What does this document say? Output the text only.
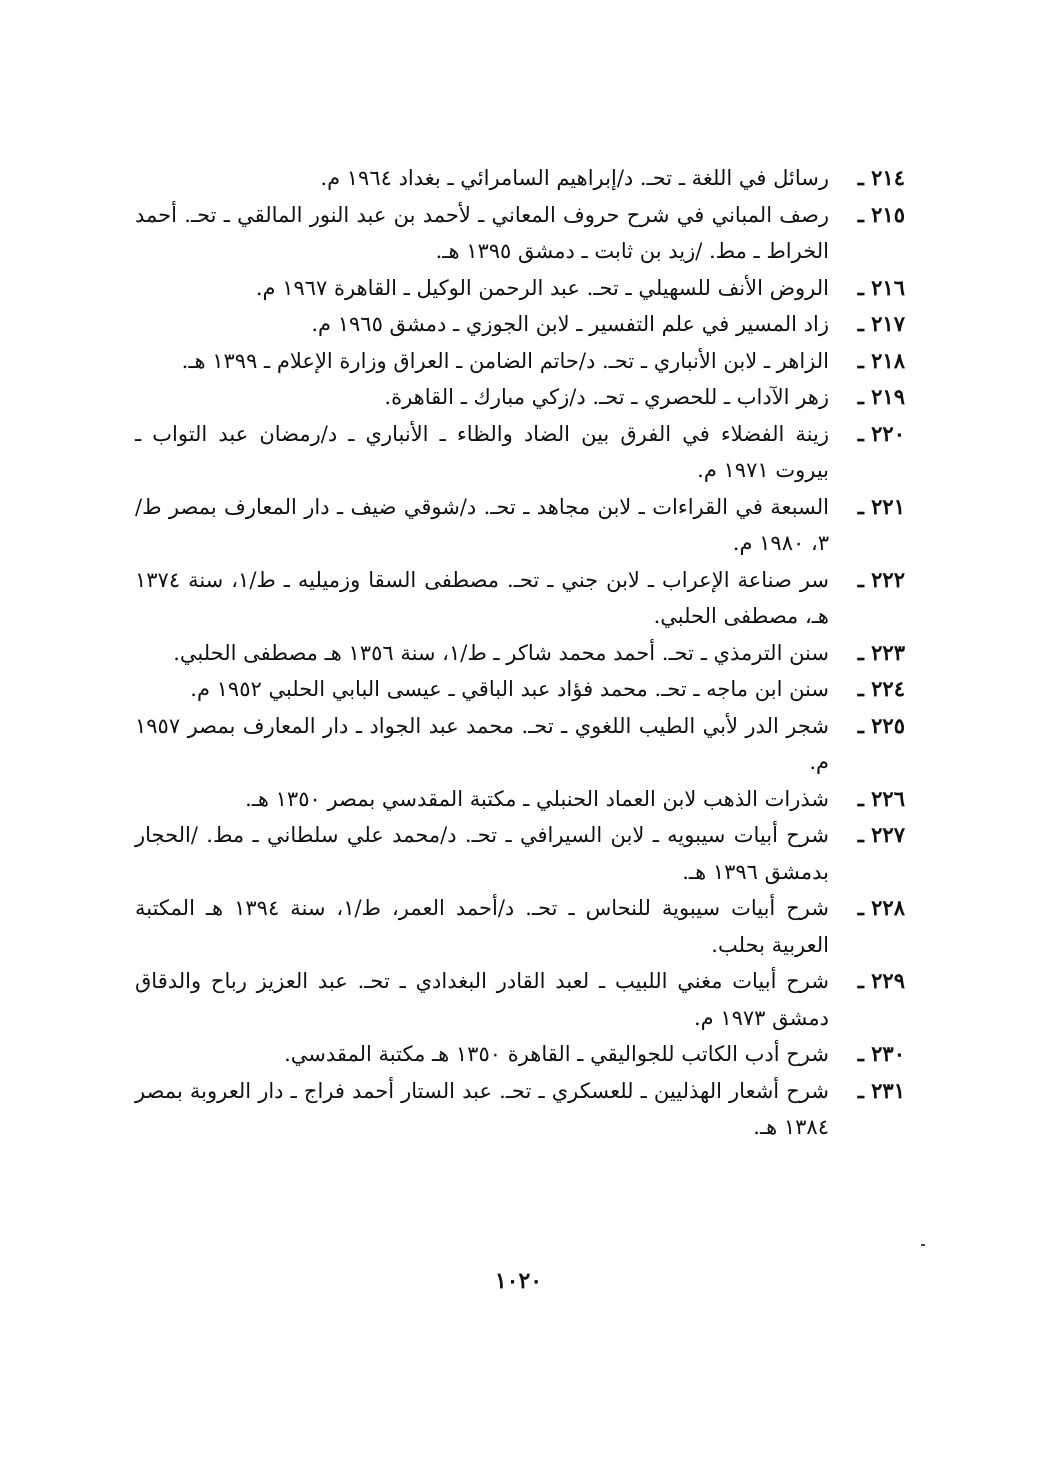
٢١٤ ـ
رسائل في اللغة ـ تحـ. د/إبراهيم السامرائي ـ بغداد ١٩٦٤ م.
٢١٥ ـ
رصف المباني في شرح حروف المعاني ـ لأحمد بن عبد النور المالقي ـ تحـ. أحمد الخراط ـ مط. /زيد بن ثابت ـ دمشق ١٣٩٥ هـ.
٢١٦ ـ
الروض الأنف للسهيلي ـ تحـ. عبد الرحمن الوكيل ـ القاهرة ١٩٦٧ م.
٢١٧ ـ
زاد المسير في علم التفسير ـ لابن الجوزي ـ دمشق ١٩٦٥ م.
٢١٨ ـ
الزاهر ـ لابن الأنباري ـ تحـ. د/حاتم الضامن ـ العراق وزارة الإعلام ـ ١٣٩٩ هـ.
٢١٩ ـ
زهر الآداب ـ للحصري ـ تحـ. د/زكي مبارك ـ القاهرة.
٢٢٠ ـ
زينة الفضلاء في الفرق بين الضاد والظاء ـ الأنباري ـ د/رمضان عبد التواب ـ بيروت ١٩٧١ م.
٢٢١ ـ
السبعة في القراءات ـ لابن مجاهد ـ تحـ. د/شوقي ضيف ـ دار المعارف بمصر ط/٣، ١٩٨٠ م.
٢٢٢ ـ
سر صناعة الإعراب ـ لابن جني ـ تحـ. مصطفى السقا وزميليه ـ ط/١، سنة ١٣٧٤ هـ، مصطفى الحلبي.
٢٢٣ ـ
سنن الترمذي ـ تحـ. أحمد محمد شاكر ـ ط/١، سنة ١٣٥٦ هـ مصطفى الحلبي.
٢٢٤ ـ
سنن ابن ماجه ـ تحـ. محمد فؤاد عبد الباقي ـ عيسى البابي الحلبي ١٩٥٢ م.
٢٢٥ ـ
شجر الدر لأبي الطيب اللغوي ـ تحـ. محمد عبد الجواد ـ دار المعارف بمصر ١٩٥٧ م.
٢٢٦ ـ
شذرات الذهب لابن العماد الحنبلي ـ مكتبة المقدسي بمصر ١٣٥٠ هـ.
٢٢٧ ـ
شرح أبيات سيبويه ـ لابن السيرافي ـ تحـ. د/محمد علي سلطاني ـ مط. /الحجار بدمشق ١٣٩٦ هـ.
٢٢٨ ـ
شرح أبيات سيبوية للنحاس ـ تحـ. د/أحمد العمر، ط/١، سنة ١٣٩٤ هـ المكتبة العربية بحلب.
٢٢٩ ـ
شرح أبيات مغني اللبيب ـ لعبد القادر البغدادي ـ تحـ. عبد العزيز رباح والدقاق دمشق ١٩٧٣ م.
٢٣٠ ـ
شرح أدب الكاتب للجواليقي ـ القاهرة ١٣٥٠ هـ مكتبة المقدسي.
٢٣١ ـ
شرح أشعار الهذليين ـ للعسكري ـ تحـ. عبد الستار أحمد فراج ـ دار العروبة بمصر ١٣٨٤ هـ.
١٠٢٠
